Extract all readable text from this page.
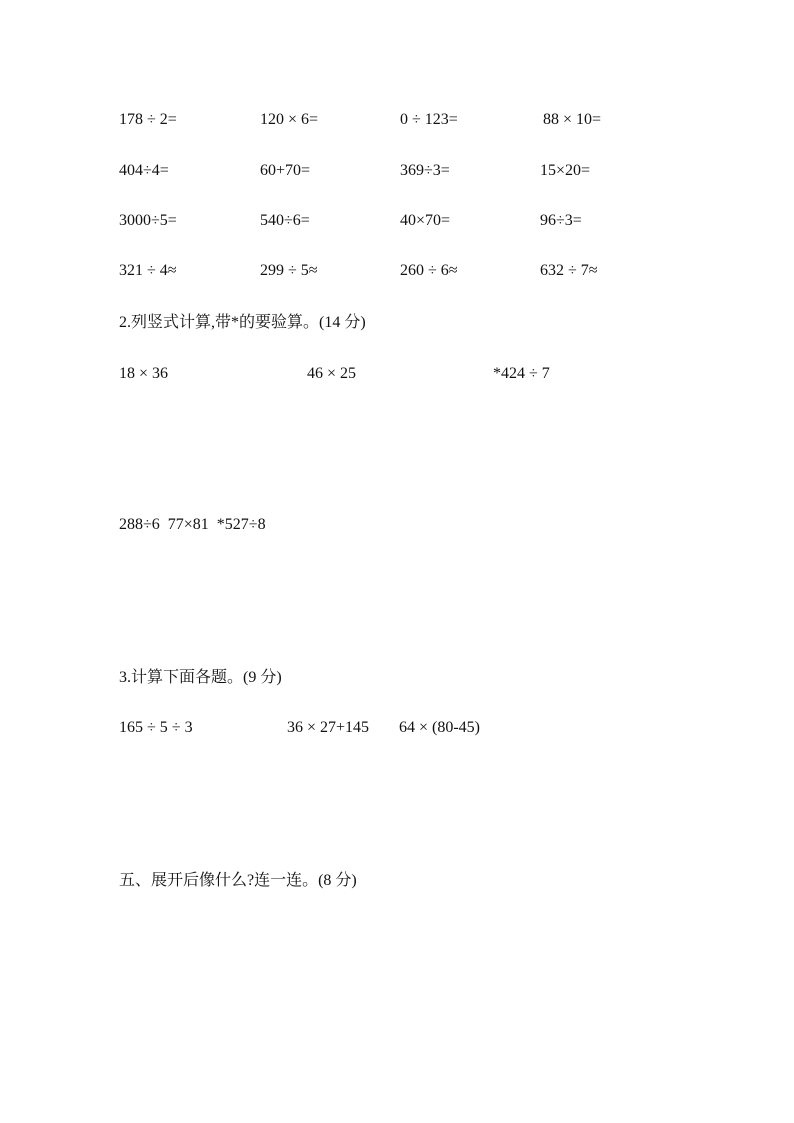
178 ÷ 2=	120 × 6=	0 ÷ 123=	88 × 10=
404÷4=	60+70=	369÷3=	15×20=
3000÷5=	540÷6=	40×70=	96÷3=
321 ÷ 4≈	299 ÷ 5≈	260 ÷ 6≈	632 ÷ 7≈
2.列竖式计算,带*的要验算。(14 分)
18 × 36	46 × 25	*424 ÷ 7
288÷6  77×81  *527÷8
3.计算下面各题。(9 分)
165 ÷ 5 ÷ 3	36 × 27+145 64 × (80-45)
五、展开后像什么?连一连。(8 分)
